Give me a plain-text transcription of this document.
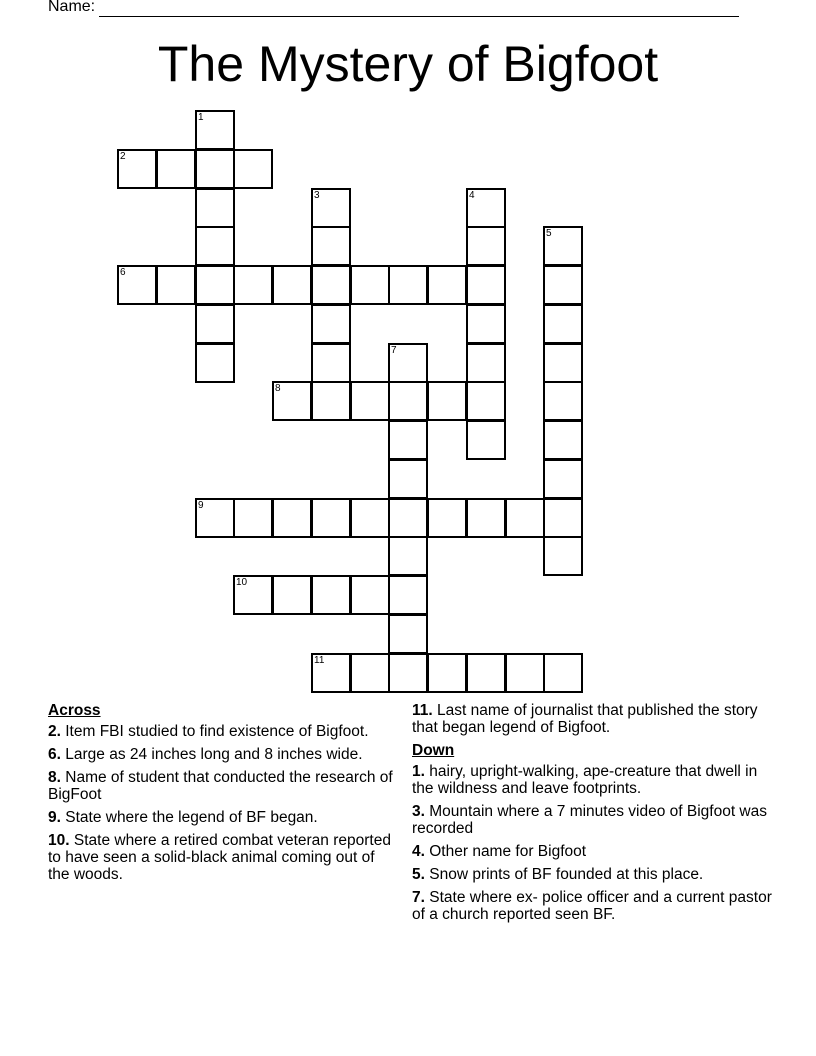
Name:
The Mystery of Bigfoot
1
2
3	4
5
6
7
8
9
10
11
Across
2. Item FBI studied to find existence of Bigfoot.
6. Large as 24 inches long and 8 inches wide.
8. Name of student that conducted the research of BigFoot
9. State where the legend of BF began.
10. State where a retired combat veteran reported to have seen a solid-black animal coming out of the woods.
11. Last name of journalist that published the story that began legend of Bigfoot.
Down
1. hairy, upright-walking, ape-creature that dwell in the wildness and leave footprints.
3. Mountain where a 7 minutes video of Bigfoot was recorded
4. Other name for Bigfoot
5. Snow prints of BF founded at this place.
7. State where ex- police officer and a current pastor of a church reported seen BF.
